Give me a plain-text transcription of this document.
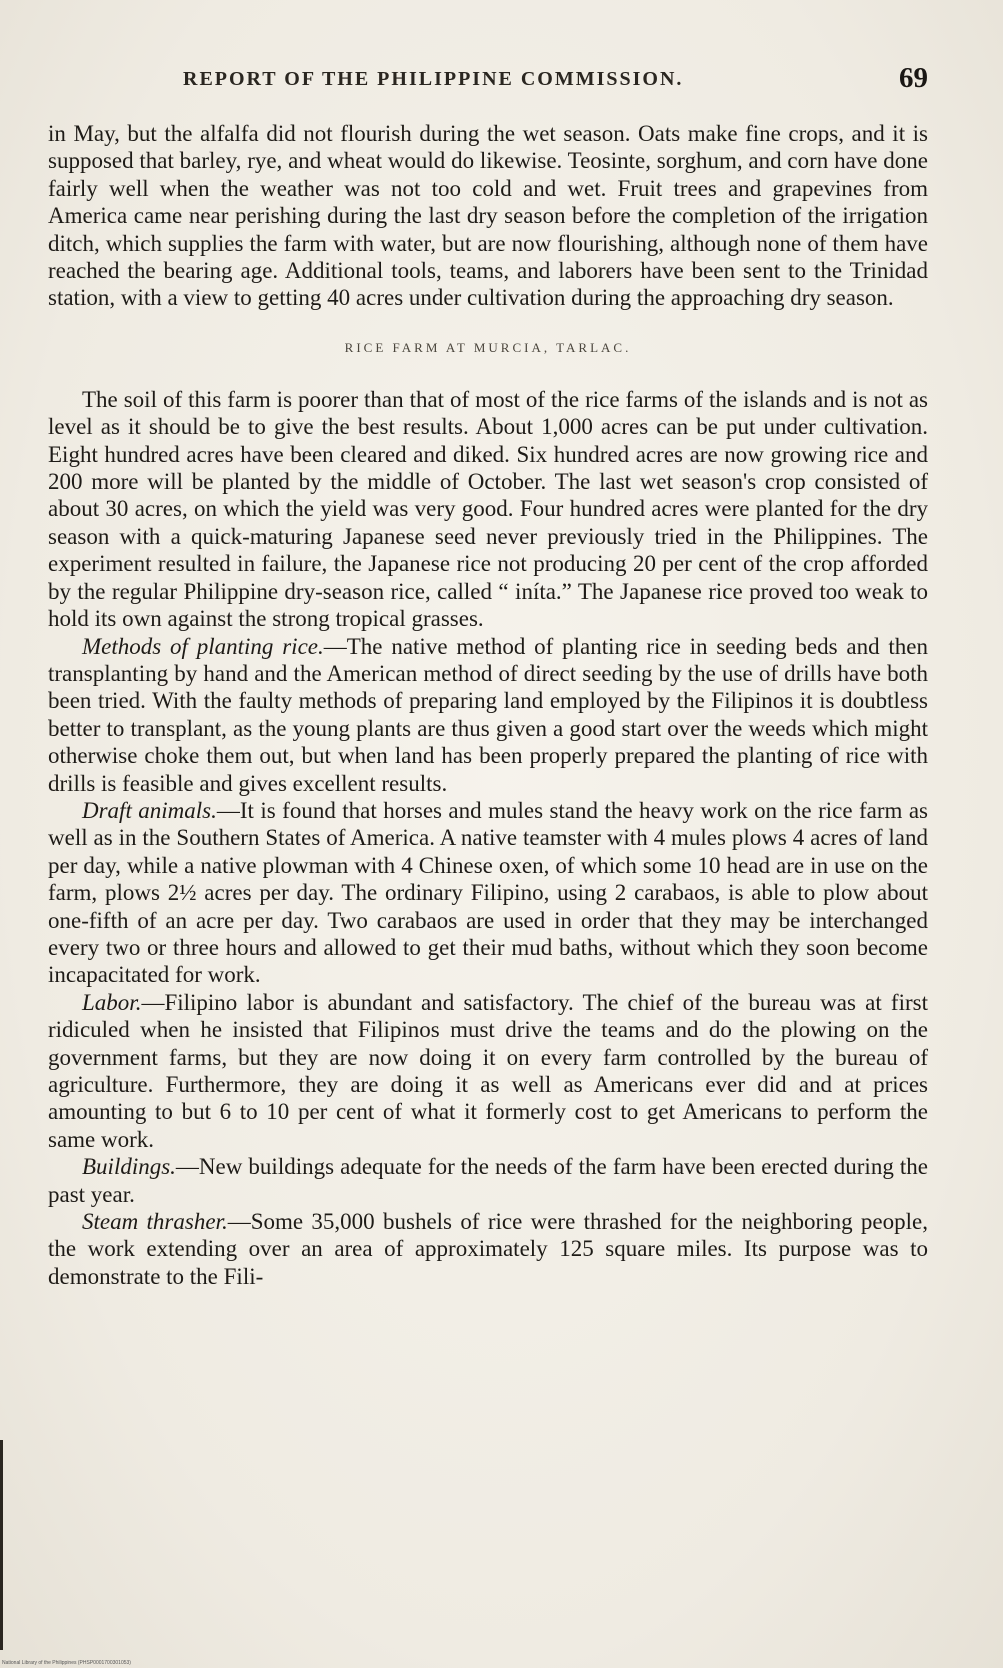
REPORT OF THE PHILIPPINE COMMISSION.	69

in May, but the alfalfa did not flourish during the wet season. Oats make fine crops, and it is supposed that barley, rye, and wheat would do likewise. Teosinte, sorghum, and corn have done fairly well when the weather was not too cold and wet. Fruit trees and grapevines from America came near perishing during the last dry season before the completion of the irrigation ditch, which supplies the farm with water, but are now flourishing, although none of them have reached the bearing age. Additional tools, teams, and laborers have been sent to the Trinidad station, with a view to getting 40 acres under cultivation during the approaching dry season.

RICE FARM AT MURCIA, TARLAC.

The soil of this farm is poorer than that of most of the rice farms of the islands and is not as level as it should be to give the best results. About 1,000 acres can be put under cultivation. Eight hundred acres have been cleared and diked. Six hundred acres are now growing rice and 200 more will be planted by the middle of October. The last wet season's crop consisted of about 30 acres, on which the yield was very good. Four hundred acres were planted for the dry season with a quick-maturing Japanese seed never previously tried in the Philippines. The experiment resulted in failure, the Japanese rice not producing 20 per cent of the crop afforded by the regular Philippine dry-season rice, called “ iníta.” The Japanese rice proved too weak to hold its own against the strong tropical grasses.

Methods of planting rice.—The native method of planting rice in seeding beds and then transplanting by hand and the American method of direct seeding by the use of drills have both been tried. With the faulty methods of preparing land employed by the Filipinos it is doubtless better to transplant, as the young plants are thus given a good start over the weeds which might otherwise choke them out, but when land has been properly prepared the planting of rice with drills is feasible and gives excellent results.

Draft animals.—It is found that horses and mules stand the heavy work on the rice farm as well as in the Southern States of America. A native teamster with 4 mules plows 4 acres of land per day, while a native plowman with 4 Chinese oxen, of which some 10 head are in use on the farm, plows 2½ acres per day. The ordinary Filipino, using 2 carabaos, is able to plow about one-fifth of an acre per day. Two carabaos are used in order that they may be interchanged every two or three hours and allowed to get their mud baths, without which they soon become incapacitated for work.

Labor.—Filipino labor is abundant and satisfactory. The chief of the bureau was at first ridiculed when he insisted that Filipinos must drive the teams and do the plowing on the government farms, but they are now doing it on every farm controlled by the bureau of agriculture. Furthermore, they are doing it as well as Americans ever did and at prices amounting to but 6 to 10 per cent of what it formerly cost to get Americans to perform the same work.

Buildings.—New buildings adequate for the needs of the farm have been erected during the past year.

Steam thrasher.—Some 35,000 bushels of rice were thrashed for the neighboring people, the work extending over an area of approximately 125 square miles. Its purpose was to demonstrate to the Fili-

National Library of the Philippines (PHSP0001700301053)
